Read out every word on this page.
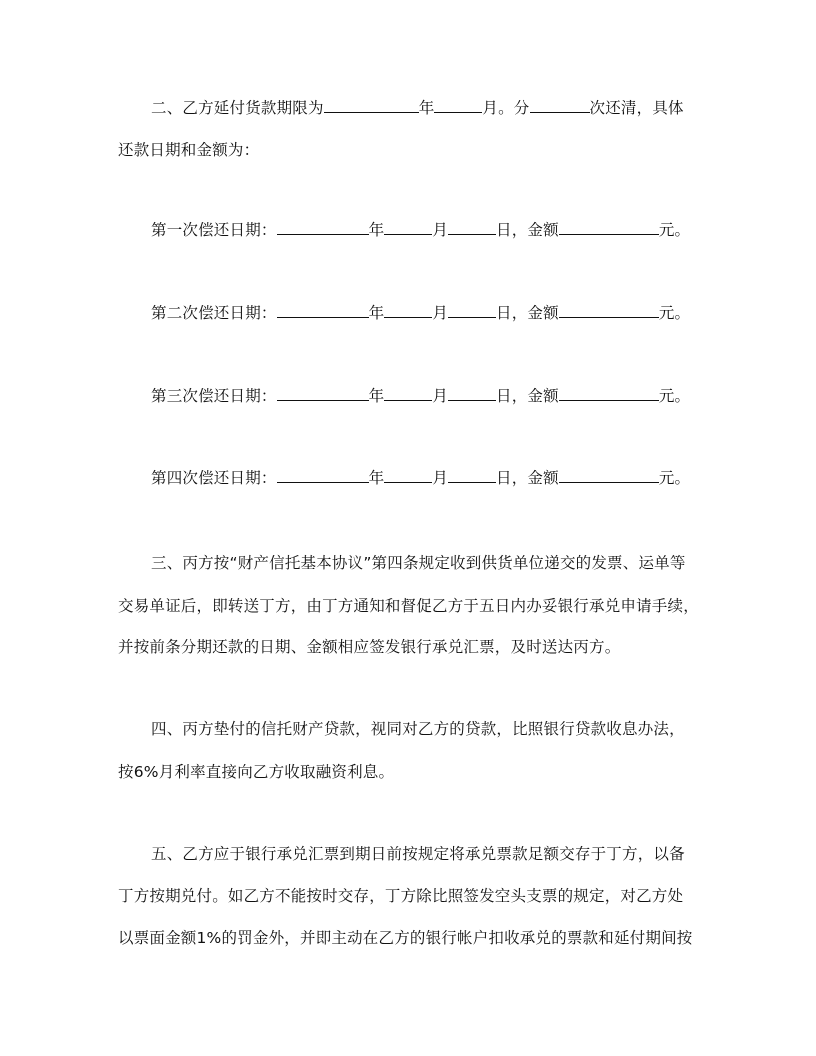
二、乙方延付货款期限为	年	月。分	次还清，具体
还款日期和金额为：
第一次偿还日期：	年	月	日，金额	元。
第二次偿还日期：	年	月	日，金额	元。
第三次偿还日期：	年	月	日，金额	元。
第四次偿还日期：	年	月	日，金额	元。
三、丙方按“财产信托基本协议”第四条规定收到供货单位递交的发票、运单等
交易单证后，即转送丁方，由丁方通知和督促乙方于五日内办妥银行承兑申请手续，
并按前条分期还款的日期、金额相应签发银行承兑汇票，及时送达丙方。
四、丙方垫付的信托财产贷款，视同对乙方的贷款，比照银行贷款收息办法，
按6%月利率直接向乙方收取融资利息。
五、乙方应于银行承兑汇票到期日前按规定将承兑票款足额交存于丁方，以备
丁方按期兑付。如乙方不能按时交存，丁方除比照签发空头支票的规定，对乙方处
以票面金额1%的罚金外，并即主动在乙方的银行帐户扣收承兑的票款和延付期间按
